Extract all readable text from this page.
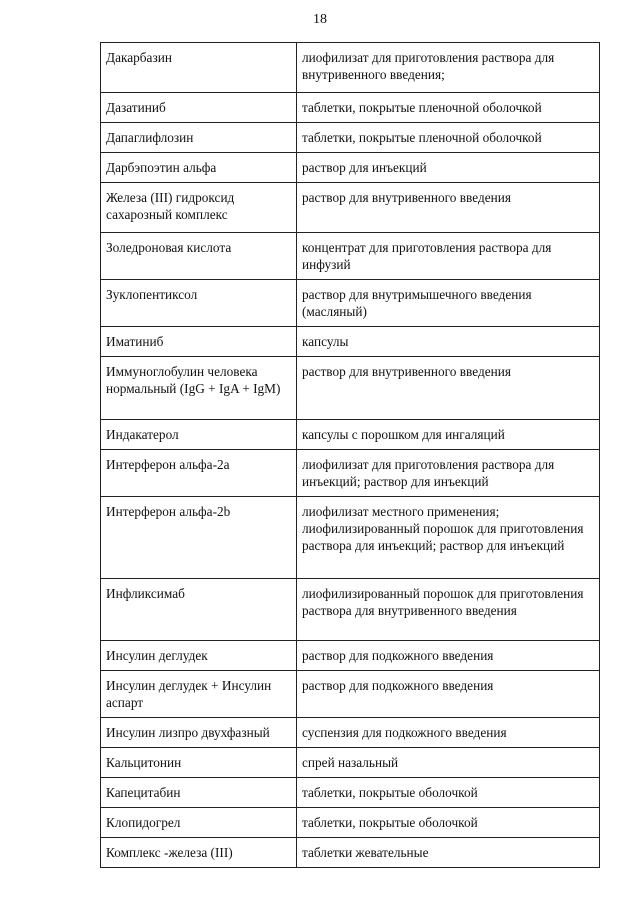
18
Дакарбазин	лиофилизат для приготовления раствора для внутривенного введения;
Дазатиниб	таблетки, покрытые пленочной оболочкой
Дапаглифлозин	таблетки, покрытые пленочной оболочкой
Дарбэпоэтин альфа	раствор для инъекций
Железа (III) гидроксид сахарозный комплекс	раствор для внутривенного введения
Золедроновая кислота	концентрат для приготовления раствора для инфузий
Зуклопентиксол	раствор для внутримышечного введения (масляный)
Иматиниб	капсулы
Иммуноглобулин человека нормальный (IgG + IgA + IgM)	раствор для внутривенного введения
Индакатерол	капсулы с порошком для ингаляций
Интерферон альфа-2а	лиофилизат для приготовления раствора для инъекций; раствор для инъекций
Интерферон альфа-2b	лиофилизат местного применения; лиофилизированный порошок для приготовления раствора для инъекций; раствор для инъекций
Инфликсимаб	лиофилизированный порошок для приготовления раствора для внутривенного введения
Инсулин деглудек	раствор для подкожного введения
Инсулин деглудек + Инсулин аспарт	раствор для подкожного введения
Инсулин лизпро двухфазный	суспензия для подкожного введения
Кальцитонин	спрей назальный
Капецитабин	таблетки, покрытые оболочкой
Клопидогрел	таблетки, покрытые оболочкой
Комплекс -железа (III)	таблетки жевательные
